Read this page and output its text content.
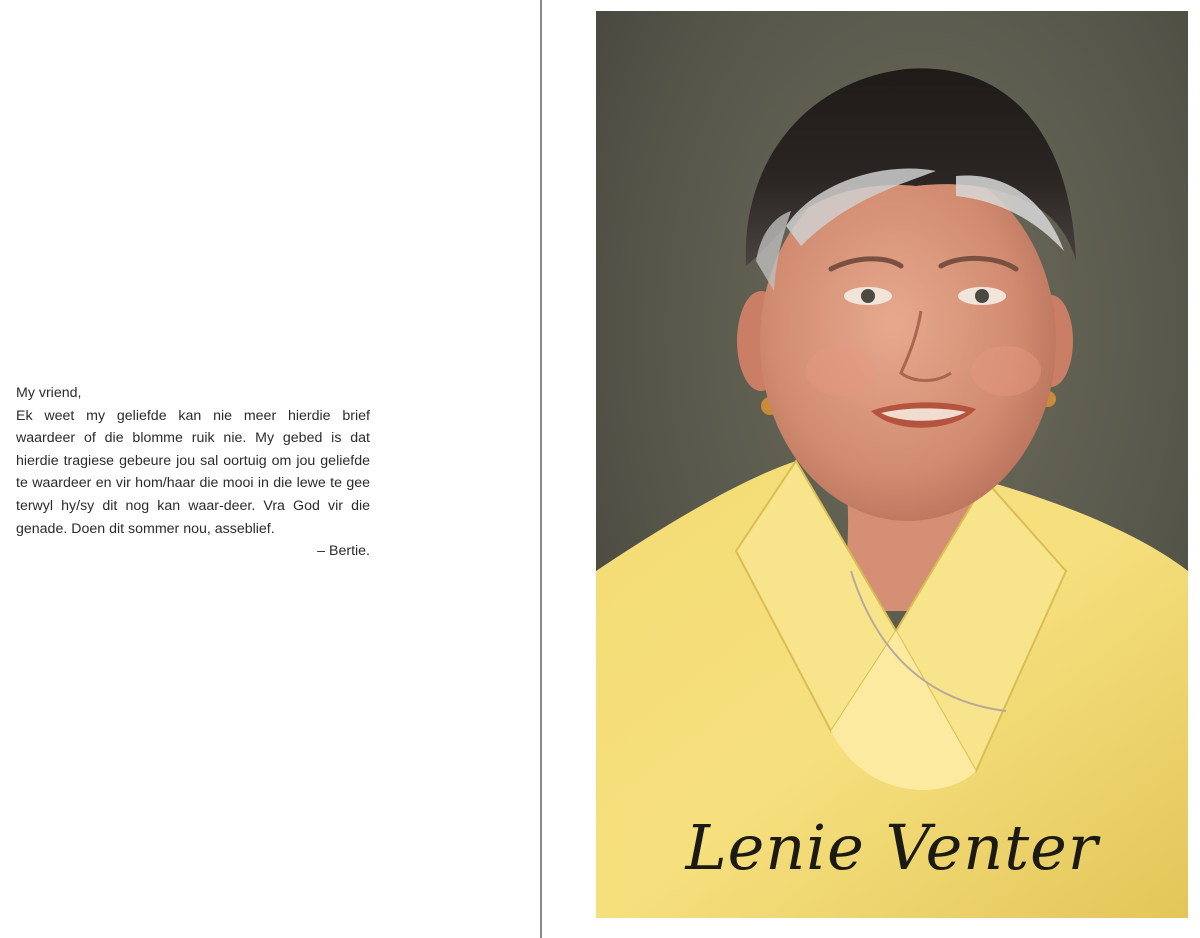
My vriend,

Ek weet my geliefde kan nie meer hierdie brief waardeer of die blomme ruik nie. My gebed is dat hierdie tragiese gebeure jou sal oortuig om jou geliefde te waardeer en vir hom/haar die mooi in die lewe te gee terwyl hy/sy dit nog kan waar-deer. Vra God vir die genade. Doen dit sommer nou, asseblief.

– Bertie.

Lenie Venter
